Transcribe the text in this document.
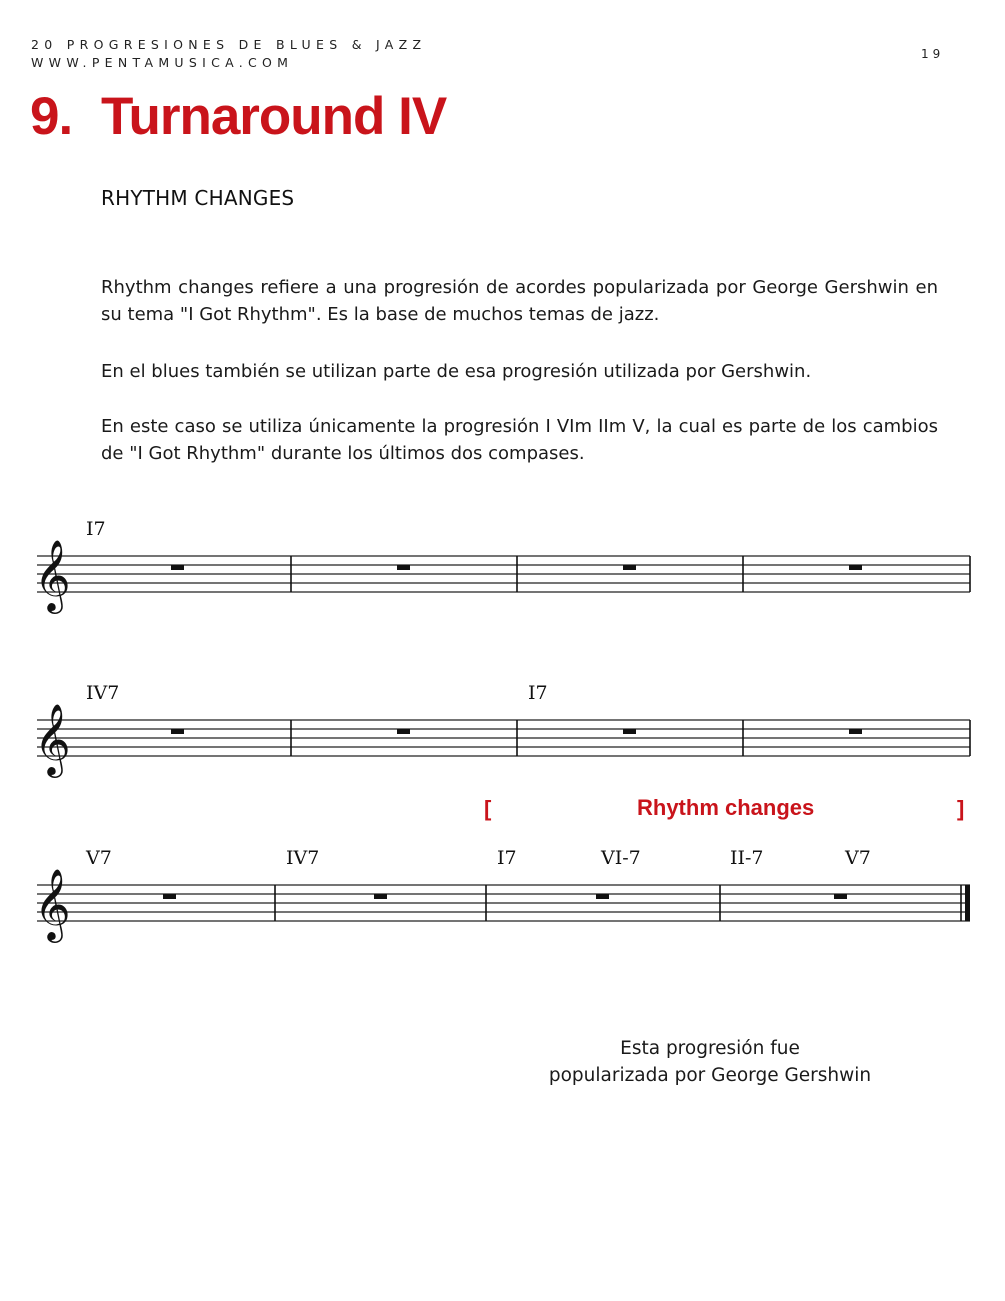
20 PROGRESIONES DE BLUES & JAZZ
WWW.PENTAMUSICA.COM
19
9. Turnaround IV
RHYTHM CHANGES
Rhythm changes refiere a una progresión de acordes popularizada por George Gershwin en su tema "I Got Rhythm". Es la base de muchos temas de jazz.
En el blues también se utilizan parte de esa progresión utilizada por Gershwin.
En este caso se utiliza únicamente la progresión I VIm IIm V, la cual es parte de los cambios de "I Got Rhythm" durante los últimos dos compases.
𝄞
I7
𝄞
IV7	I7
[	Rhythm changes	]
𝄞
V7	IV7	I7	VI-7	II-7	V7
Esta progresión fue
popularizada por George Gershwin
